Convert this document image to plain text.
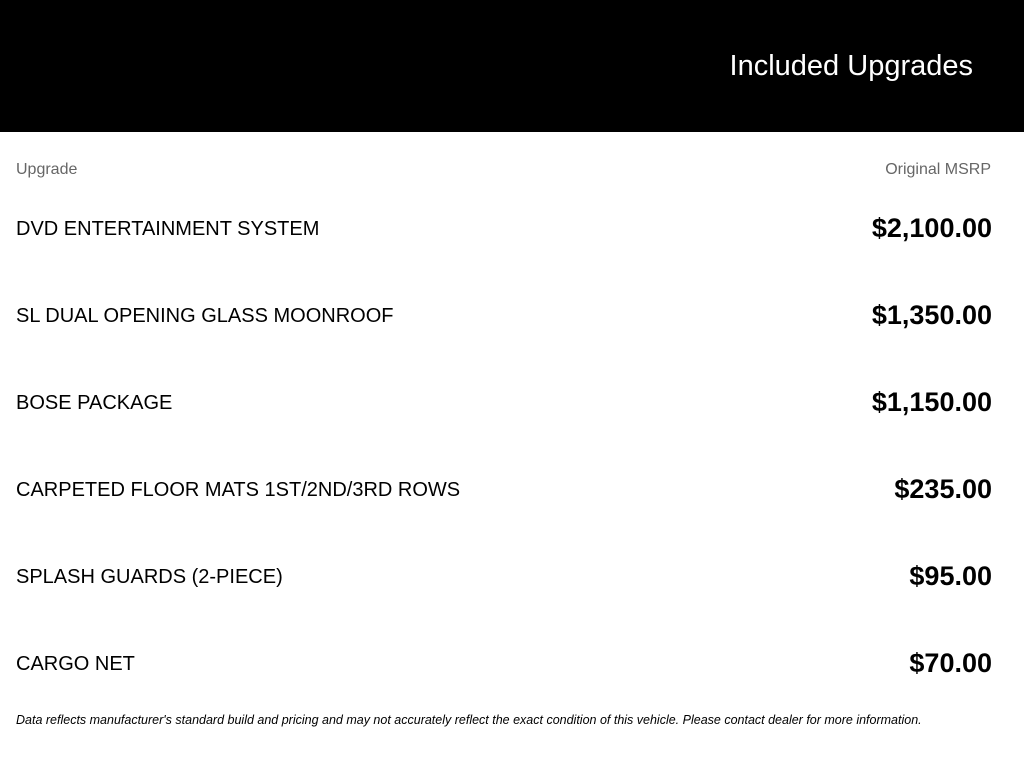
Included Upgrades
Upgrade	Original MSRP
DVD ENTERTAINMENT SYSTEM	$2,100.00
SL DUAL OPENING GLASS MOONROOF	$1,350.00
BOSE PACKAGE	$1,150.00
CARPETED FLOOR MATS 1ST/2ND/3RD ROWS	$235.00
SPLASH GUARDS (2-PIECE)	$95.00
CARGO NET	$70.00
Data reflects manufacturer's standard build and pricing and may not accurately reflect the exact condition of this vehicle. Please contact dealer for more information.
